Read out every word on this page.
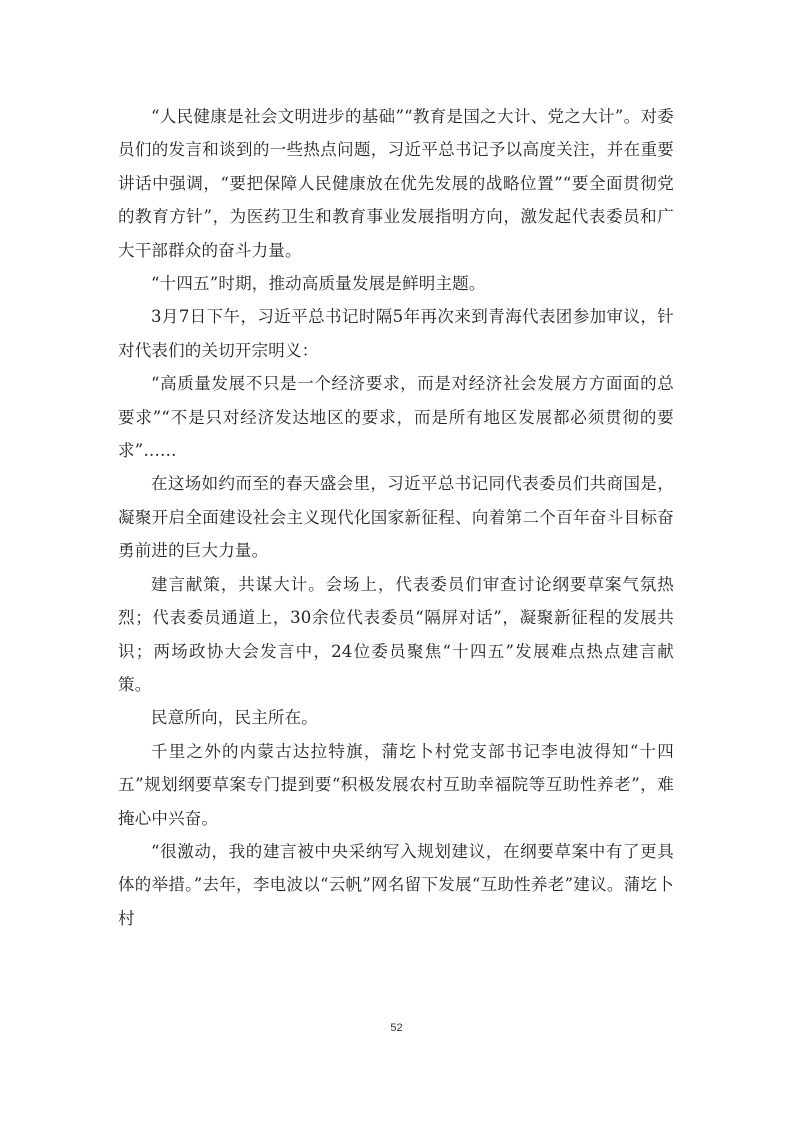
“人民健康是社会文明进步的基础”“教育是国之大计、党之大计”。对委员们的发言和谈到的一些热点问题，习近平总书记予以高度关注，并在重要讲话中强调，“要把保障人民健康放在优先发展的战略位置”“要全面贯彻党的教育方针”，为医药卫生和教育事业发展指明方向，激发起代表委员和广大干部群众的奋斗力量。

“十四五”时期，推动高质量发展是鲜明主题。

3月7日下午，习近平总书记时隔5年再次来到青海代表团参加审议，针对代表们的关切开宗明义：

“高质量发展不只是一个经济要求，而是对经济社会发展方方面面的总要求”“不是只对经济发达地区的要求，而是所有地区发展都必须贯彻的要求”……

在这场如约而至的春天盛会里，习近平总书记同代表委员们共商国是，凝聚开启全面建设社会主义现代化国家新征程、向着第二个百年奋斗目标奋勇前进的巨大力量。

建言献策，共谋大计。会场上，代表委员们审查讨论纲要草案气氛热烈；代表委员通道上，30余位代表委员“隔屏对话”，凝聚新征程的发展共识；两场政协大会发言中，24位委员聚焦“十四五”发展难点热点建言献策。

民意所向，民主所在。

千里之外的内蒙古达拉特旗，蒲圪卜村党支部书记李电波得知“十四五”规划纲要草案专门提到要“积极发展农村互助幸福院等互助性养老”，难掩心中兴奋。

“很激动，我的建言被中央采纳写入规划建议，在纲要草案中有了更具体的举措。”去年，李电波以“云帆”网名留下发展“互助性养老”建议。蒲圪卜村

52
